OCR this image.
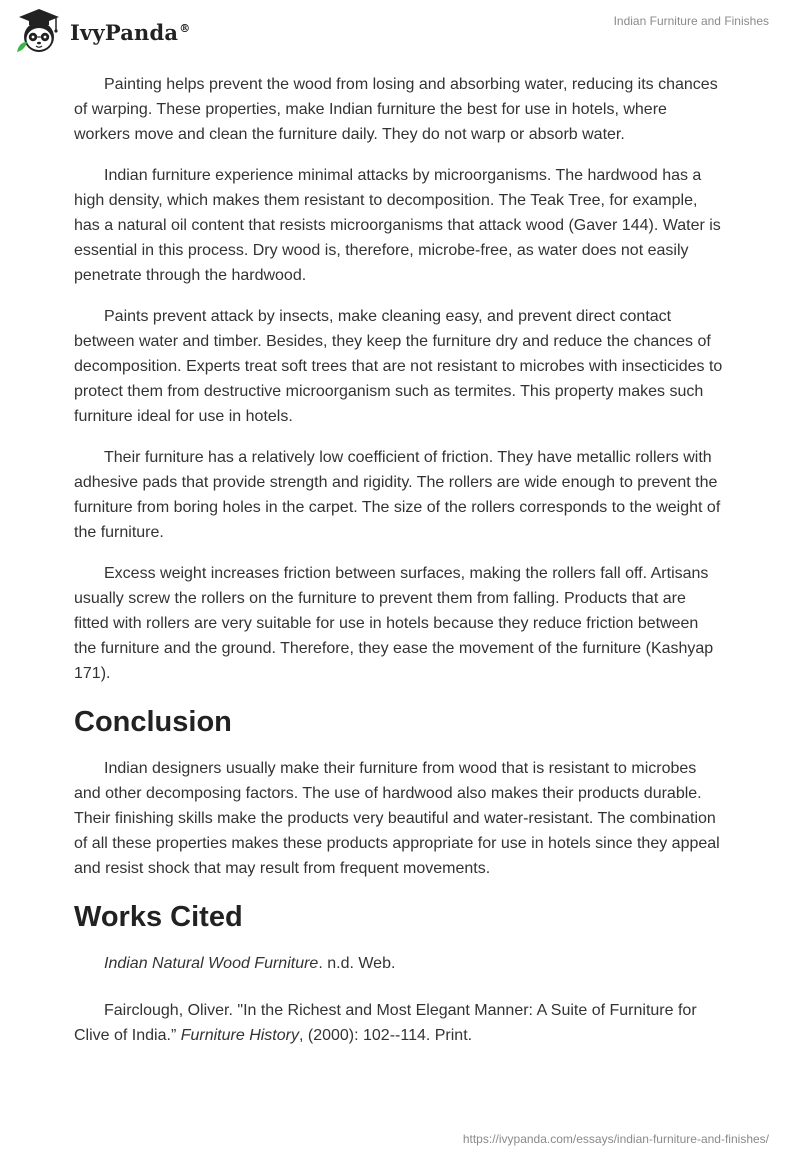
IvyPanda®	Indian Furniture and Finishes

Painting helps prevent the wood from losing and absorbing water, reducing its chances of warping. These properties, make Indian furniture the best for use in hotels, where workers move and clean the furniture daily. They do not warp or absorb water.

Indian furniture experience minimal attacks by microorganisms. The hardwood has a high density, which makes them resistant to decomposition. The Teak Tree, for example, has a natural oil content that resists microorganisms that attack wood (Gaver 144). Water is essential in this process. Dry wood is, therefore, microbe-free, as water does not easily penetrate through the hardwood.

Paints prevent attack by insects, make cleaning easy, and prevent direct contact between water and timber. Besides, they keep the furniture dry and reduce the chances of decomposition. Experts treat soft trees that are not resistant to microbes with insecticides to protect them from destructive microorganism such as termites. This property makes such furniture ideal for use in hotels.

Their furniture has a relatively low coefficient of friction. They have metallic rollers with adhesive pads that provide strength and rigidity. The rollers are wide enough to prevent the furniture from boring holes in the carpet. The size of the rollers corresponds to the weight of the furniture.

Excess weight increases friction between surfaces, making the rollers fall off. Artisans usually screw the rollers on the furniture to prevent them from falling. Products that are fitted with rollers are very suitable for use in hotels because they reduce friction between the furniture and the ground. Therefore, they ease the movement of the furniture (Kashyap 171).

Conclusion

Indian designers usually make their furniture from wood that is resistant to microbes and other decomposing factors. The use of hardwood also makes their products durable. Their finishing skills make the products very beautiful and water-resistant. The combination of all these properties makes these products appropriate for use in hotels since they appeal and resist shock that may result from frequent movements.

Works Cited

Indian Natural Wood Furniture. n.d. Web.

Fairclough, Oliver. "In the Richest and Most Elegant Manner: A Suite of Furniture for Clive of India.” Furniture History, (2000): 102--114. Print.

https://ivypanda.com/essays/indian-furniture-and-finishes/
